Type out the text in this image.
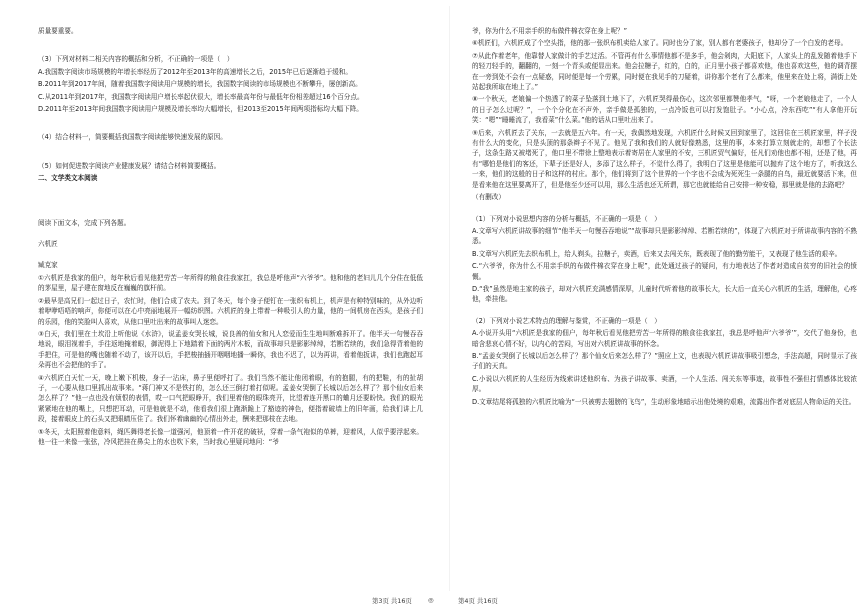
质量要重要。

（3）下列对材料二相关内容的概括和分析，不正确的一项是（　）

A.我国数字阅读市场规模的年增长率经历了2012年至2013年的高速增长之后，2015年已后逐渐趋于缓和。

B.2011年到2017年间，随着我国数字阅读用户规模的增长，我国数字阅读的市场规模也不断攀升，屡创新高。

C.从2011年到2017年，我国数字阅读用户增长率起伏很大，增长率最高年份与最低年份相差超过16个百分点。

D.2011年至2013年间我国数字阅读用户规模及增长率均大幅增长，但2013至2015年间两项指标均大幅下降。

（4）结合材料一，简要概括我国数字阅读能够快速发展的原因。

（5）如何促进数字阅读产业健康发展？请结合材料简要概括。

二、文学类文本阅读

阅读下面文本，完成下列各题。

六机匠

臧克家

①六机匠是我家的佃户，每年秋后看见他把劳苦一年所得的粮食往我家扛，我总是呼他声“六爷爷”。他和他的老妇儿几个分住在低低的茅屋里，屋子建在窗地反在巍巍的旗杆前。

②最早是高兄们一起过日子，农忙时，他们合成了农夫。到了冬天，每个身子便钉在一张织布机上，机声是有种特别味的，从外边听着咿咿唔唔的响声，你便可以在心中亮丽地展开一幅纺织图。六机匠的身上带着一种吸引人的力量，他的一间机房在西头，是孩子们的乐园，他的笑脸叫人喜欢，从他口里吐出来的故事叫人迷恋。

③白天，我们里在土坎沿上听他说《水浒》，说孟姜女哭长城，说良善的仙女和凡人恋爱而生生地叫断难拆开了。他半天一句慢吞吞地说，眼泪视着手，手往返地掩着眼，御泥得上下地踏着下面的两片木板，而故事却只是影影绰绰，若断若续的，我们急得背着他的手把住，可是他的嘴也随着不动了，该开以后，手把梭抽插开咽咽地播一瞬你，我也不迟了，以为再讲，看着他扳讲，我们也跑起耳朵再也不会把他的手了。

④六机匠白天忙一天，晚上嫩下机梭，身子一沾床，鼻子里便呼打了。我们当然不能让他闭着眼，有的抱腿，有的把鞋，有的扯胡子，一心要从他口里抓出故事来。“蒋门神又不是铁打的，怎么还三倒打着打似呢。孟姜女哭倒了长城以后怎么样了？那个仙女后来怎么样了？”他一点也没有烦恨的表情，哎一口气把眼睁开，我们里着他的眼珠亮开，比望着连开黑口的蛐月还要盼快。我们的眼光紧紧地在他的嘴上，只想把耳动，可是他就是不动，他看我们很上跑渐跪上了豁迹的神色，便指着破墙上的旧年画，给我们讲上几段，接着眼皮上的石头又把眼睛压住了。我们怀着幽幽的心情出外走，酬来把那枝在去地。

⑤冬天，太阳照着他意料，绳匹舞得老长像一道强河，他顶着一件开花的破袄，穿着一条气袍似的单裤，迎着风，人似乎要浮起来。他一往一来像一张弦，冷风把挂在鼻尖上的水也吹下来，当时我心里疑问地问：“爷

爷，你为什么不用亲手织的布做件棉衣穿在身上呢？”

⑥机匠们，六机匠成了个空头指，他的那一张织布机卖给人家了。同时也分了家，别人都有老婆孩子，他却分了一个白发的老母。

⑦从此作着老年，他靠替人家做计的手艺过活。不管再有什么事情他都不是多手，他会剁肉，大阳底下，人家头上的乱发随着他手下的轻刀轻手的，翻翻的，一刻一个青头或便显出来。他会拉糖子，红的，白的，正月里小孩子都喜欢他，他也喜欢这些，他的调背摆在一旁到处不会有一点疑惑，同时便是每一个劳累，同时便在我见手的刀疑着，讲你那个老有了么都来，他里来在处上将，满街上处站起我所取在地上了。”

⑧一个秋天，老娘偏一个热透了的菜子坠落到土地下了，六机匠哭得最伤心，这次邻里都赞他孝气，“呀，一个老娘他走了，一个人的日子怎么过呢？”，一个个分化在不声外，亲手做是孤独的，一点冷饭也可以打发饱肚子。“小心点，冷东西吃”“有人拿他开玩笑：“嗯”“睡睡流了，我看菜”什么菜。”他的话从口里吐出来了。

⑨后来，六机匠去了关东，一去就是五六年。有一天，我偶然地发现，六机匠什么时候又回到家里了，这回住在三机匠家里，样子没有什么大的变化，只是头顶的那条辫子不见了。他见了我和我们的人就好像熟悉，这里的事，本来打算立刻就走的，却想了个长法子，这条生路又被堵死了，他口里不带徐上整地表示着寄居在人家里的不安，三机匠贸气偏好，任凡们劝他也都不相，还是了他，再有“哪怕是他们的客还，下辈子还是好人，多添了这么样子，不觉什么得了，我明白了这里是他能可以抛弃了这个地方了，听我这么一来，他们的这般的日子和这样的村庄。那个，他们将到了这个世界的一个字也不会成为死死生一条腿的自鸟，最近就要活下来，但是看来他在这里要离开了，但是他至少还可以用，那么生活也还无所谓，那它也就能给自己安排一种安稳，那里就是他的去路吧？

（有删改）

（1）下列对小说思想内容的分析与概括，不正确的一项是（　）

A.文章写六机匠讲故事的细节“他半天一句慢吞吞地说”“故事却只是影影绰绰、若断若续的”，体现了六机匠对于所讲故事内容的不熟悉。

B.文章写六机匠先去织布机上，给人剃头，拉糖子，卖酒，后来又去闯关东，既表现了他的勤劳能干，又表现了他生活的艰辛。

C.“六爷爷，你为什么不用亲手织的布做件棉衣穿在身上呢”，此处通过孩子的疑问，有力地表达了作者对造成自贫穷的旧社会的愤慨。

D.“我”虽然是地主家的孩子，却对六机匠充满感情深厚，儿童时代听着他的故事长大，长大后一直关心六机匠的生活，理解他，心疼他，牵挂他。

（2）下列对小说艺术特点的理解与鉴赏，不正确的一项是（　）

A.小说开头用“六机匠是我家的佃户，每年秋后看见他把劳苦一年所得的粮食往我家扛，我总是呼他声‘六爷爷’”，交代了他身份，也暗含悲哀心情不好，以内心的苦闷，写出对六机匠讲故事的怀念。

B.“孟姜女哭倒了长城以后怎么样了？那个仙女后来怎么样了？”照应上文，也表现六机匠讲故事吸引想念，手法高超，同时显示了孩子们的天真。

C.小说以六机匠的人生经历为线索讲述他织布、为孩子讲故事、卖酒，一个人生活、闯关东等事迹，故事性不强但打情感体比较浓厚。

D.文章结尾将孤独的六机匠比喻为“一只被剪去翅膀的飞鸟”，生动形象地暗示出他处境的艰难，流露出作者对底层人物命运的关注。

第3页 共16页	◎	第4页 共16页
